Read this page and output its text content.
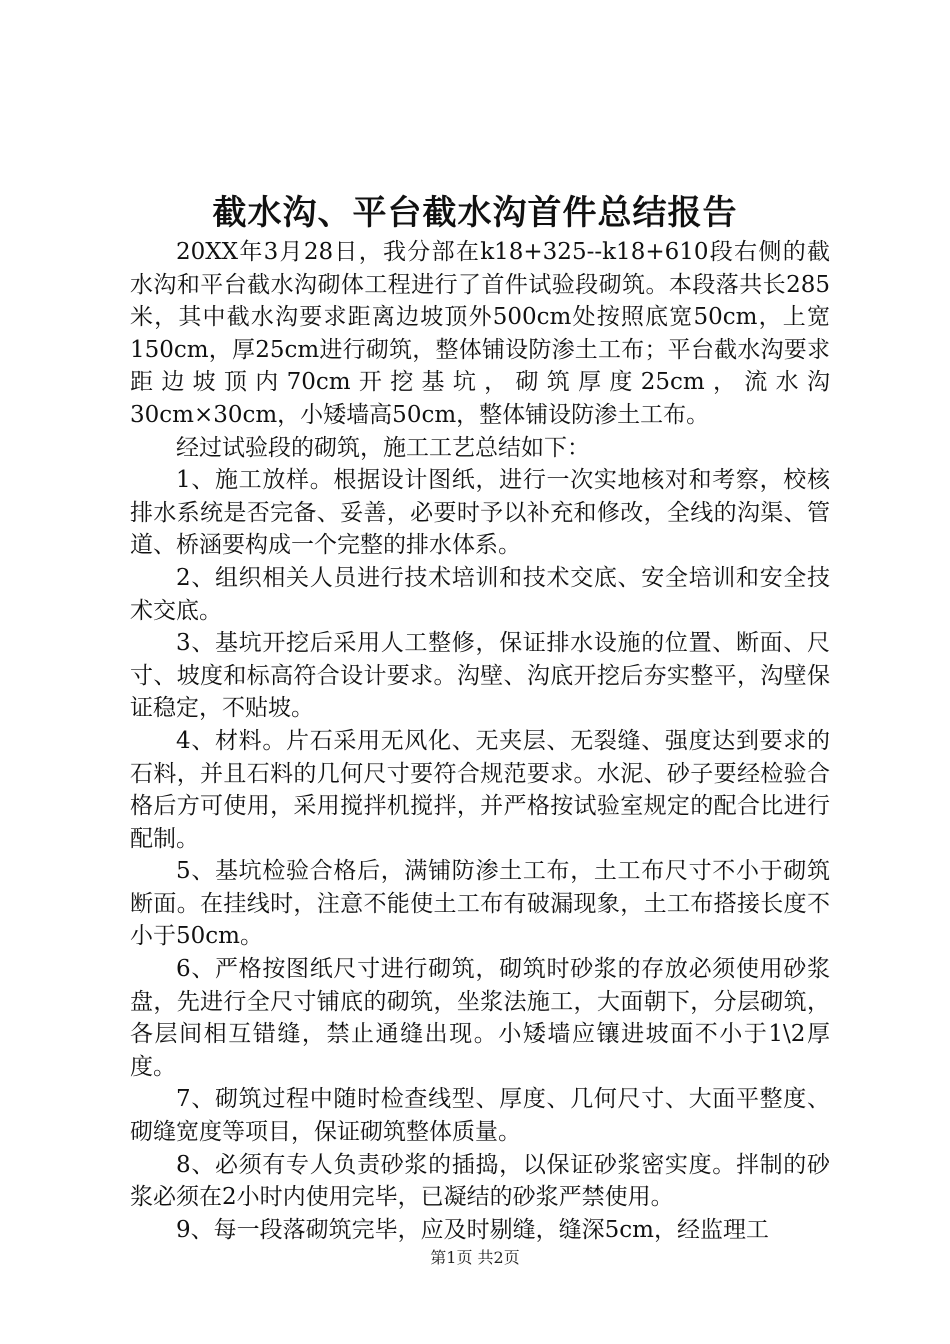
截水沟、平台截水沟首件总结报告

20XX年3月28日，我分部在k18+325--k18+610段右侧的截水沟和平台截水沟砌体工程进行了首件试验段砌筑。本段落共长285米，其中截水沟要求距离边坡顶外500cm处按照底宽50cm，上宽150cm，厚25cm进行砌筑，整体铺设防渗土工布；平台截水沟要求距边坡顶内70cm开挖基坑，砌筑厚度25cm，流水沟30cm×30cm，小矮墙高50cm，整体铺设防渗土工布。

经过试验段的砌筑，施工工艺总结如下：

1、施工放样。根据设计图纸，进行一次实地核对和考察，校核排水系统是否完备、妥善，必要时予以补充和修改，全线的沟渠、管道、桥涵要构成一个完整的排水体系。

2、组织相关人员进行技术培训和技术交底、安全培训和安全技术交底。

3、基坑开挖后采用人工整修，保证排水设施的位置、断面、尺寸、坡度和标高符合设计要求。沟壁、沟底开挖后夯实整平，沟壁保证稳定，不贴坡。

4、材料。片石采用无风化、无夹层、无裂缝、强度达到要求的石料，并且石料的几何尺寸要符合规范要求。水泥、砂子要经检验合格后方可使用，采用搅拌机搅拌，并严格按试验室规定的配合比进行配制。

5、基坑检验合格后，满铺防渗土工布，土工布尺寸不小于砌筑断面。在挂线时，注意不能使土工布有破漏现象，土工布搭接长度不小于50cm。

6、严格按图纸尺寸进行砌筑，砌筑时砂浆的存放必须使用砂浆盘，先进行全尺寸铺底的砌筑，坐浆法施工，大面朝下，分层砌筑，各层间相互错缝，禁止通缝出现。小矮墙应镶进坡面不小于1\2厚度。

7、砌筑过程中随时检查线型、厚度、几何尺寸、大面平整度、砌缝宽度等项目，保证砌筑整体质量。

8、必须有专人负责砂浆的插捣，以保证砂浆密实度。拌制的砂浆必须在2小时内使用完毕，已凝结的砂浆严禁使用。

9、每一段落砌筑完毕，应及时剔缝，缝深5cm，经监理工

第1页 共2页
